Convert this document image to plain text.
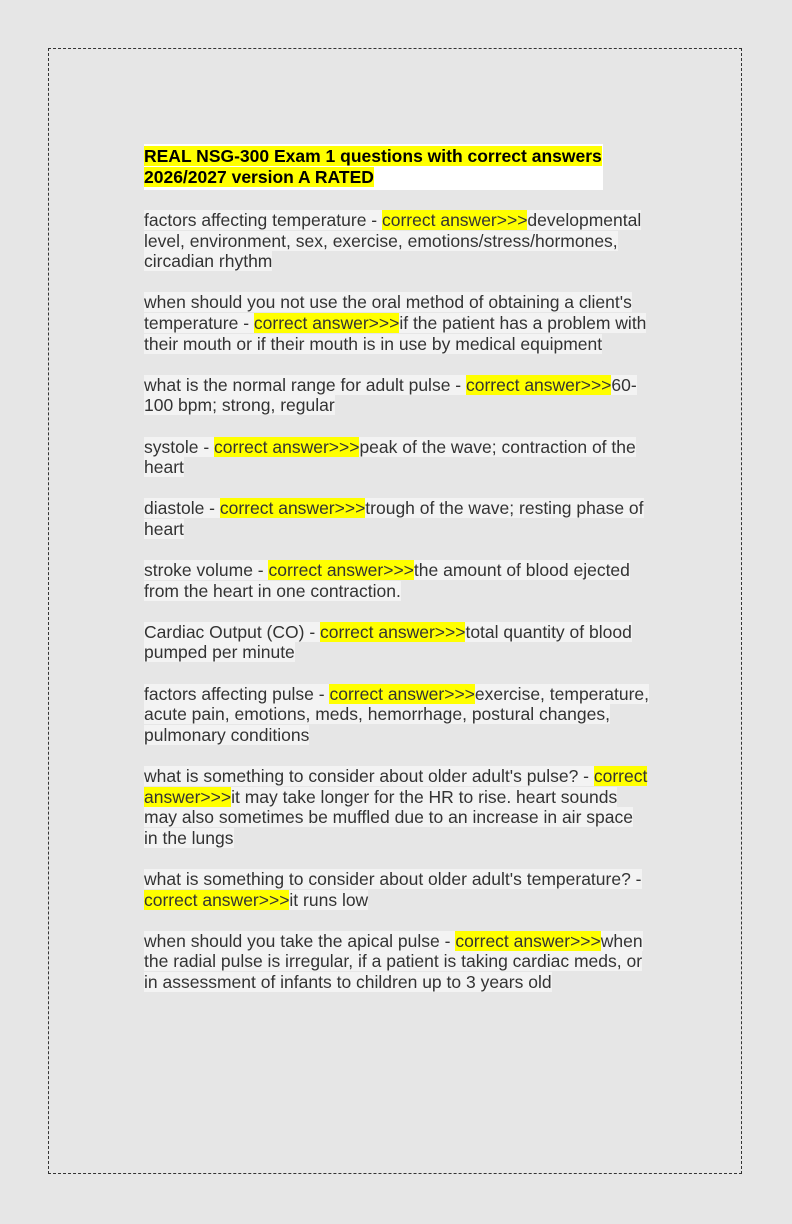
REAL NSG-300 Exam 1 questions with correct answers 2026/2027 version A RATED

factors affecting temperature - correct answer>>>developmental level, environment, sex, exercise, emotions/stress/hormones, circadian rhythm

when should you not use the oral method of obtaining a client's temperature - correct answer>>>if the patient has a problem with their mouth or if their mouth is in use by medical equipment

what is the normal range for adult pulse - correct answer>>>60-100 bpm; strong, regular

systole - correct answer>>>peak of the wave; contraction of the heart

diastole - correct answer>>>trough of the wave; resting phase of heart

stroke volume - correct answer>>>the amount of blood ejected from the heart in one contraction.

Cardiac Output (CO) - correct answer>>>total quantity of blood pumped per minute

factors affecting pulse - correct answer>>>exercise, temperature, acute pain, emotions, meds, hemorrhage, postural changes, pulmonary conditions

what is something to consider about older adult's pulse? - correct answer>>>it may take longer for the HR to rise. heart sounds may also sometimes be muffled due to an increase in air space in the lungs

what is something to consider about older adult's temperature? - correct answer>>>it runs low

when should you take the apical pulse - correct answer>>>when the radial pulse is irregular, if a patient is taking cardiac meds, or in assessment of infants to children up to 3 years old
